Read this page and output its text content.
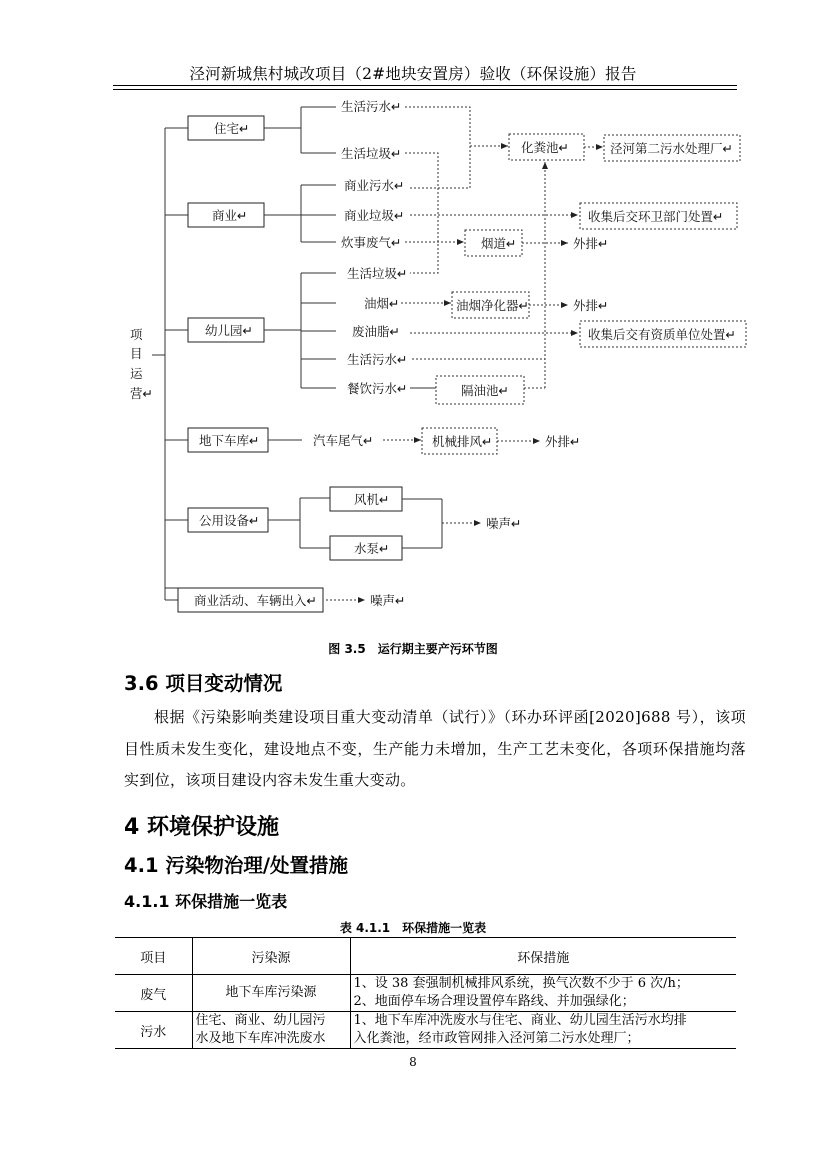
泾河新城焦村城改项目（2#地块安置房）验收（环保设施）报告
项
目
运
营↵
住宅↵
商业↵
幼儿园↵
地下车库↵
公用设备↵
商业活动、车辆出入↵
生活污水↵
生活垃圾↵
商业污水↵
商业垃圾↵
炊事废气↵
生活垃圾↵
油烟↵
废油脂↵
生活污水↵
餐饮污水↵
汽车尾气↵
风机↵
水泵↵
化粪池↵	泾河第二污水处理厂↵
收集后交环卫部门处置↵
烟道↵	外排↵
油烟净化器↵	外排↵
收集后交有资质单位处置↵
隔油池↵
机械排风↵	外排↵
噪声↵
噪声↵
图 3.5　运行期主要产污环节图
3.6 项目变动情况
根据《污染影响类建设项目重大变动清单（试行）》（环办环评函[2020]688 号），该项目性质未发生变化，建设地点不变，生产能力未增加，生产工艺未变化，各项环保措施均落实到位，该项目建设内容未发生重大变动。
4 环境保护设施
4.1 污染物治理/处置措施
4.1.1 环保措施一览表
表 4.1.1　环保措施一览表
项目	污染源	环保措施
废气	地下车库污染源	1、设 38 套强制机械排风系统，换气次数不少于 6 次/h；
2、地面停车场合理设置停车路线、并加强绿化；

污水	住宅、商业、幼儿园污
水及地下车库冲洗废水	1、地下车库冲洗废水与住宅、商业、幼儿园生活污水均排
入化粪池，经市政管网排入泾河第二污水处理厂；
8
